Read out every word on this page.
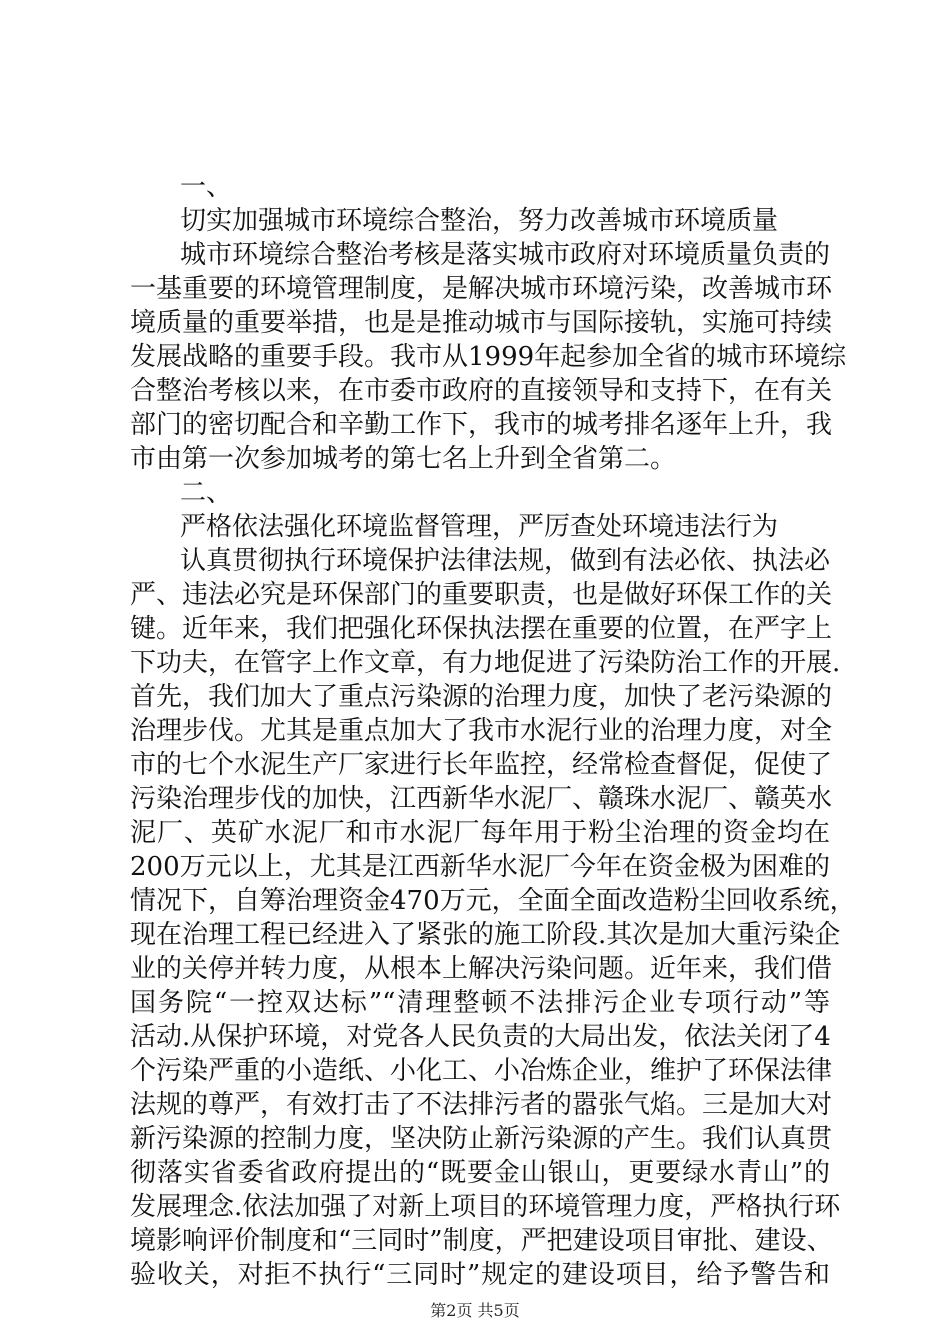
一、
切实加强城市环境综合整治，努力改善城市环境质量
城市环境综合整治考核是落实城市政府对环境质量负责的
一基重要的环境管理制度，是解决城市环境污染，改善城市环
境质量的重要举措，也是是推动城市与国际接轨，实施可持续
发展战略的重要手段。我市从1999年起参加全省的城市环境综
合整治考核以来，在市委市政府的直接领导和支持下，在有关
部门的密切配合和辛勤工作下，我市的城考排名逐年上升，我
市由第一次参加城考的第七名上升到全省第二。
二、
严格依法强化环境监督管理，严厉查处环境违法行为
认真贯彻执行环境保护法律法规，做到有法必依、执法必
严、违法必究是环保部门的重要职责，也是做好环保工作的关
键。近年来，我们把强化环保执法摆在重要的位置，在严字上
下功夫，在管字上作文章，有力地促进了污染防治工作的开展.
首先，我们加大了重点污染源的治理力度，加快了老污染源的
治理步伐。尤其是重点加大了我市水泥行业的治理力度，对全
市的七个水泥生产厂家进行长年监控，经常检查督促，促使了
污染治理步伐的加快，江西新华水泥厂、赣珠水泥厂、赣英水
泥厂、英矿水泥厂和市水泥厂每年用于粉尘治理的资金均在
200万元以上，尤其是江西新华水泥厂今年在资金极为困难的
情况下，自筹治理资金470万元，全面全面改造粉尘回收系统，
现在治理工程已经进入了紧张的施工阶段.其次是加大重污染企
业的关停并转力度，从根本上解决污染问题。近年来，我们借
国务院“一控双达标”“清理整顿不法排污企业专项行动”等
活动.从保护环境，对党各人民负责的大局出发，依法关闭了4
个污染严重的小造纸、小化工、小冶炼企业，维护了环保法律
法规的尊严，有效打击了不法排污者的嚣张气焰。三是加大对
新污染源的控制力度，坚决防止新污染源的产生。我们认真贯
彻落实省委省政府提出的“既要金山银山，更要绿水青山”的
发展理念.依法加强了对新上项目的环境管理力度，严格执行环
境影响评价制度和“三同时”制度，严把建设项目审批、建设、
验收关，对拒不执行“三同时”规定的建设项目，给予警告和
第2页 共5页
